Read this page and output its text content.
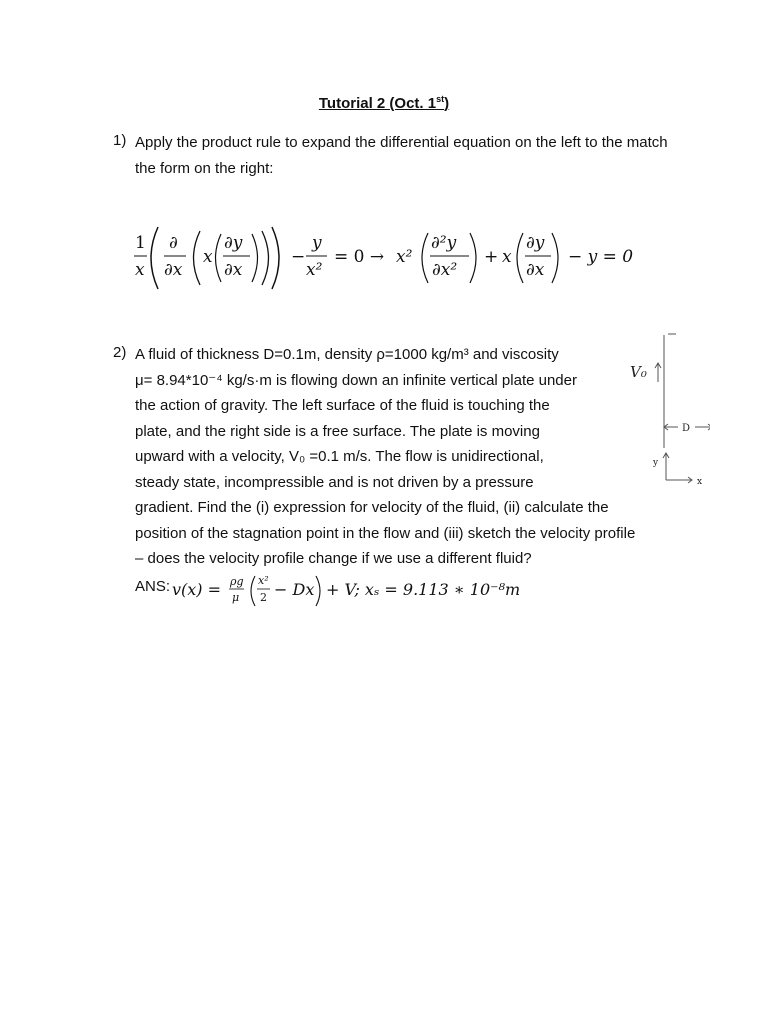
Tutorial 2 (Oct. 1st)
1) Apply the product rule to expand the differential equation on the left to the match the form on the right:
1
x
∂
∂x
x
∂y
∂x
−
y
x²
= 0 → x²
∂²y
∂x²
+ x
∂y
∂x
− y = 0
2) A fluid of thickness D=0.1m, density ρ=1000 kg/m³ and viscosity
μ= 8.94*10⁻⁴ kg/s·m is flowing down an infinite vertical plate under
the action of gravity. The left surface of the fluid is touching the
plate, and the right side is a free surface. The plate is moving
upward with a velocity, V₀ =0.1 m/s. The flow is unidirectional,
steady state, incompressible and is not driven by a pressure
gradient. Find the (i) expression for velocity of the fluid, (ii) calculate the
position of the stagnation point in the flow and (iii) sketch the velocity profile
– does the velocity profile change if we use a different fluid?
ANS: v(x) = ρg
μ
x²
2 − Dx + V; xₛ = 9.113 ∗ 10⁻⁸m
V₀
D
y
x
